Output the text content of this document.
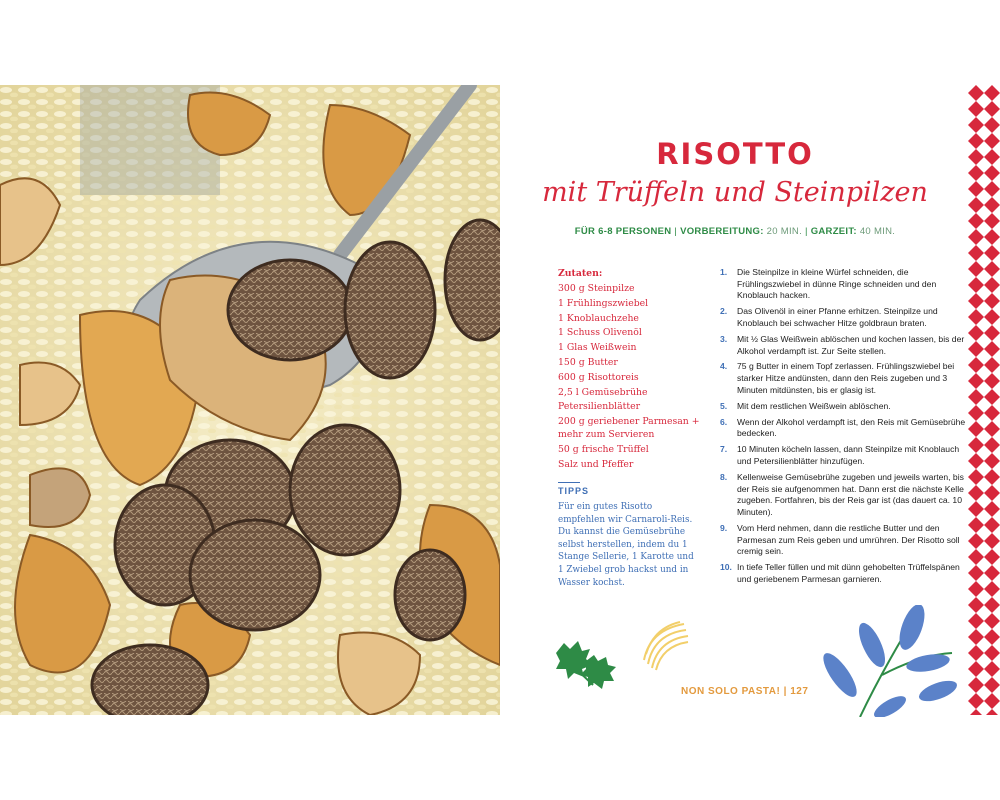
RISOTTO
mit Trüffeln und Steinpilzen
FÜR 6-8 PERSONEN | VORBEREITUNG: 20 MIN. | GARZEIT: 40 MIN.
Zutaten:
300 g Steinpilze
1 Frühlingszwiebel
1 Knoblauchzehe
1 Schuss Olivenöl
1 Glas Weißwein
150 g Butter
600 g Risottoreis
2,5 l Gemüsebrühe
Petersilienblätter
200 g geriebener Parmesan + mehr zum Servieren
50 g frische Trüffel
Salz und Pfeffer
TIPPS
Für ein gutes Risotto empfehlen wir Carnaroli-Reis. Du kannst die Gemüsebrühe selbst herstellen, indem du 1 Stange Sellerie, 1 Karotte und 1 Zwiebel grob hackst und in Wasser kochst.
1. Die Steinpilze in kleine Würfel schneiden, die Frühlingszwiebel in dünne Ringe schneiden und den Knoblauch hacken.
2. Das Olivenöl in einer Pfanne erhitzen. Steinpilze und Knoblauch bei schwacher Hitze goldbraun braten.
3. Mit ½ Glas Weißwein ablöschen und kochen lassen, bis der Alkohol verdampft ist. Zur Seite stellen.
4. 75 g Butter in einem Topf zerlassen. Frühlingszwiebel bei starker Hitze andünsten, dann den Reis zugeben und 3 Minuten mitdünsten, bis er glasig ist.
5. Mit dem restlichen Weißwein ablöschen.
6. Wenn der Alkohol verdampft ist, den Reis mit Gemüsebrühe bedecken.
7. 10 Minuten köcheln lassen, dann Steinpilze mit Knoblauch und Petersilienblätter hinzufügen.
8. Kellenweise Gemüsebrühe zugeben und jeweils warten, bis der Reis sie aufgenommen hat. Dann erst die nächste Kelle zugeben. Fortfahren, bis der Reis gar ist (das dauert ca. 10 Minuten).
9. Vom Herd nehmen, dann die restliche Butter und den Parmesan zum Reis geben und umrühren. Der Risotto soll cremig sein.
10. In tiefe Teller füllen und mit dünn gehobelten Trüffelspänen und geriebenem Parmesan garnieren.
NON SOLO PASTA! | 127
